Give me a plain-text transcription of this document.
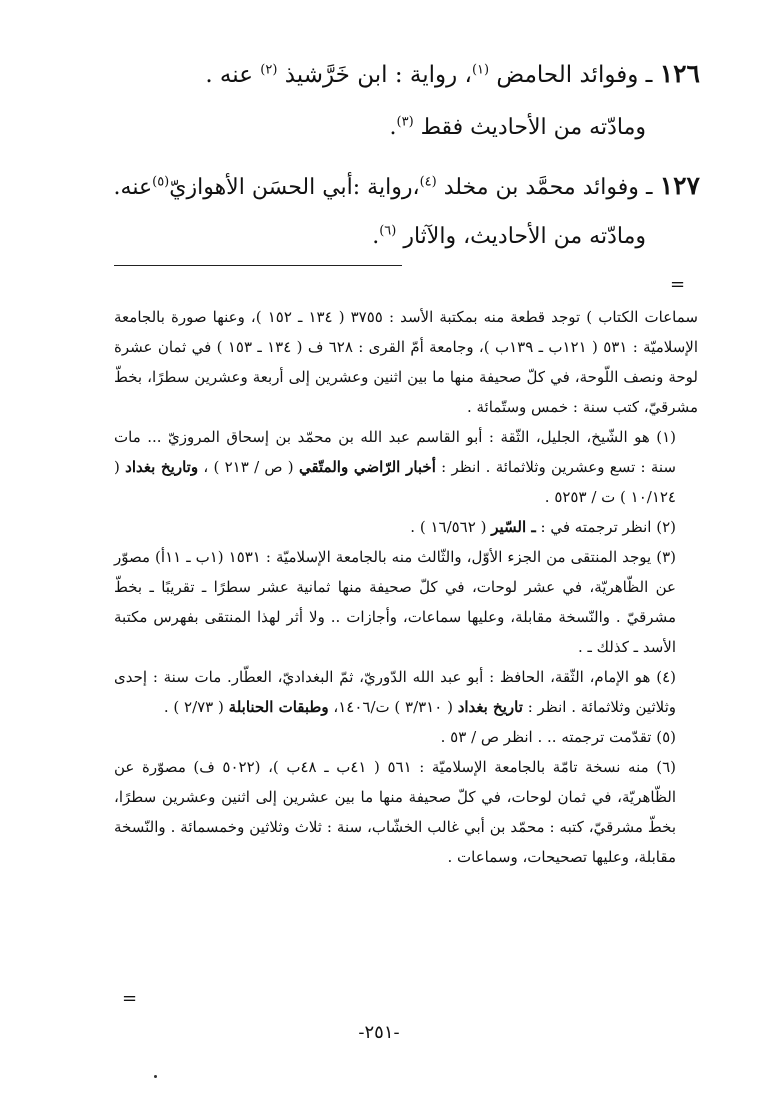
١٢٦ ـ وفوائد الحامض $^{(١)}$، رواية : ابن خَرَّشيذ $^{(٢)}$ عنه .
ومادّته من الأحاديث فقط $^{(٣)}$.
١٢٧ ـ وفوائد محمَّد بن مخلد $^{(٤)}$،رواية :أبي الحسَن الأهوازيّ$^{(٥)}$عنه.
ومادّته من الأحاديث، والآثار $^{(٦)}$.
=

سماعات الكتاب ) توجد قطعة منه بمكتبة الأسد : ٣٧٥٥ ( ١٣٤ ـ ١٥٢ )، وعنها صورة بالجامعة الإسلاميّة : ٥٣١ ( ١٢١ب ـ ١٣٩ب )، وجامعة أمّ القرى : ٦٢٨ ف ( ١٣٤ ـ ١٥٣ ) في ثمان عشرة لوحة ونصف اللّوحة، في كلّ صحيفة منها ما بين اثنين وعشرين إلى أربعة وعشرين سطرًا، بخطّ مشرقيّ، كتب سنة : خمس وستّمائة .

(١) هو الشّيخ، الجليل، الثّقة : أبو القاسم عبد الله بن محمّد بن إسحاق المروزيّ ... مات سنة : تسع وعشرين وثلاثمائة . انظر : أخبار الرّاضي والمتّقي ( ص / ٢١٣ ) ، وتاريخ بغداد ( ١٠/١٢٤ ) ت / ٥٢٥٣ .

(٢) انظر ترجمته في : ـ السّير ( ١٦/٥٦٢ ) .

(٣) يوجد المنتقى من الجزء الأوّل، والثّالث منه بالجامعة الإسلاميّة : ١٥٣١ (١ب ـ ١١أ) مصوّر عن الظّاهريّة، في عشر لوحات، في كلّ صحيفة منها ثمانية عشر سطرًا ـ تقريبًا ـ بخطّ مشرقيّ . والنّسخة مقابلة، وعليها سماعات، وأجازات .. ولا أثر لهذا المنتقى بفهرس مكتبة الأسد ـ كذلك ـ .

(٤) هو الإمام، الثّقة، الحافظ : أبو عبد الله الدّوريّ، ثمّ البغداديّ، العطّار. مات سنة : إحدى وثلاثين وثلاثمائة . انظر : تاريخ بغداد ( ٣/٣١٠ ) ت/١٤٠٦، وطبقات الحنابلة ( ٢/٧٣ ) .

(٥) تقدّمت ترجمته .. . انظر ص / ٥٣ .

(٦) منه نسخة تامّة بالجامعة الإسلاميّة : ٥٦١ ( ٤١ب ـ ٤٨ب )، (٥٠٢٢ ف) مصوّرة عن الظّاهريّة، في ثمان لوحات، في كلّ صحيفة منها ما بين عشرين إلى اثنين وعشرين سطرًا، بخطّ مشرقيّ، كتبه : محمّد بن أبي غالب الخشّاب، سنة : ثلاث وثلاثين وخمسمائة . والنّسخة مقابلة، وعليها تصحيحات، وسماعات .

=
-٢٥١-
